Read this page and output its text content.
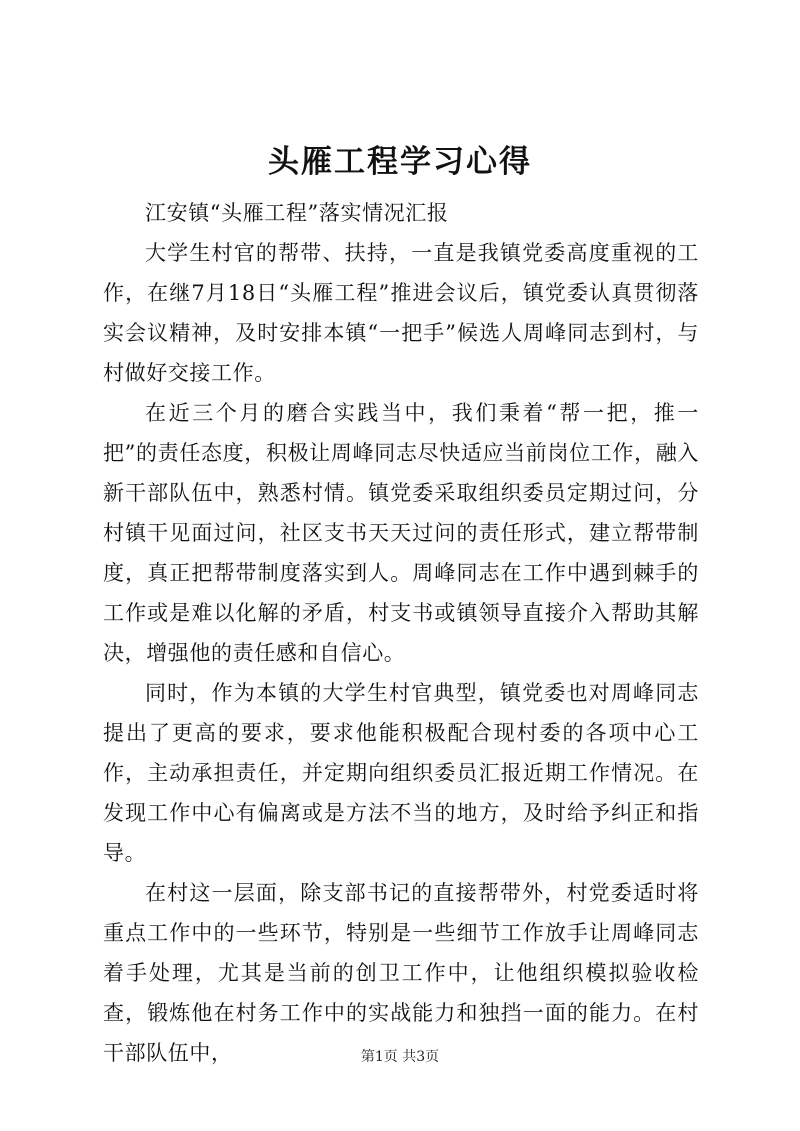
头雁工程学习心得

江安镇“头雁工程”落实情况汇报

大学生村官的帮带、扶持，一直是我镇党委高度重视的工作，在继7月18日“头雁工程”推进会议后，镇党委认真贯彻落实会议精神，及时安排本镇“一把手”候选人周峰同志到村，与村做好交接工作。

在近三个月的磨合实践当中，我们秉着“帮一把，推一把”的责任态度，积极让周峰同志尽快适应当前岗位工作，融入新干部队伍中，熟悉村情。镇党委采取组织委员定期过问，分村镇干见面过问，社区支书天天过问的责任形式，建立帮带制度，真正把帮带制度落实到人。周峰同志在工作中遇到棘手的工作或是难以化解的矛盾，村支书或镇领导直接介入帮助其解决，增强他的责任感和自信心。

同时，作为本镇的大学生村官典型，镇党委也对周峰同志提出了更高的要求，要求他能积极配合现村委的各项中心工作，主动承担责任，并定期向组织委员汇报近期工作情况。在发现工作中心有偏离或是方法不当的地方，及时给予纠正和指导。

在村这一层面，除支部书记的直接帮带外，村党委适时将重点工作中的一些环节，特别是一些细节工作放手让周峰同志着手处理，尤其是当前的创卫工作中，让他组织模拟验收检查，锻炼他在村务工作中的实战能力和独挡一面的能力。在村干部队伍中，	第1页 共3页
